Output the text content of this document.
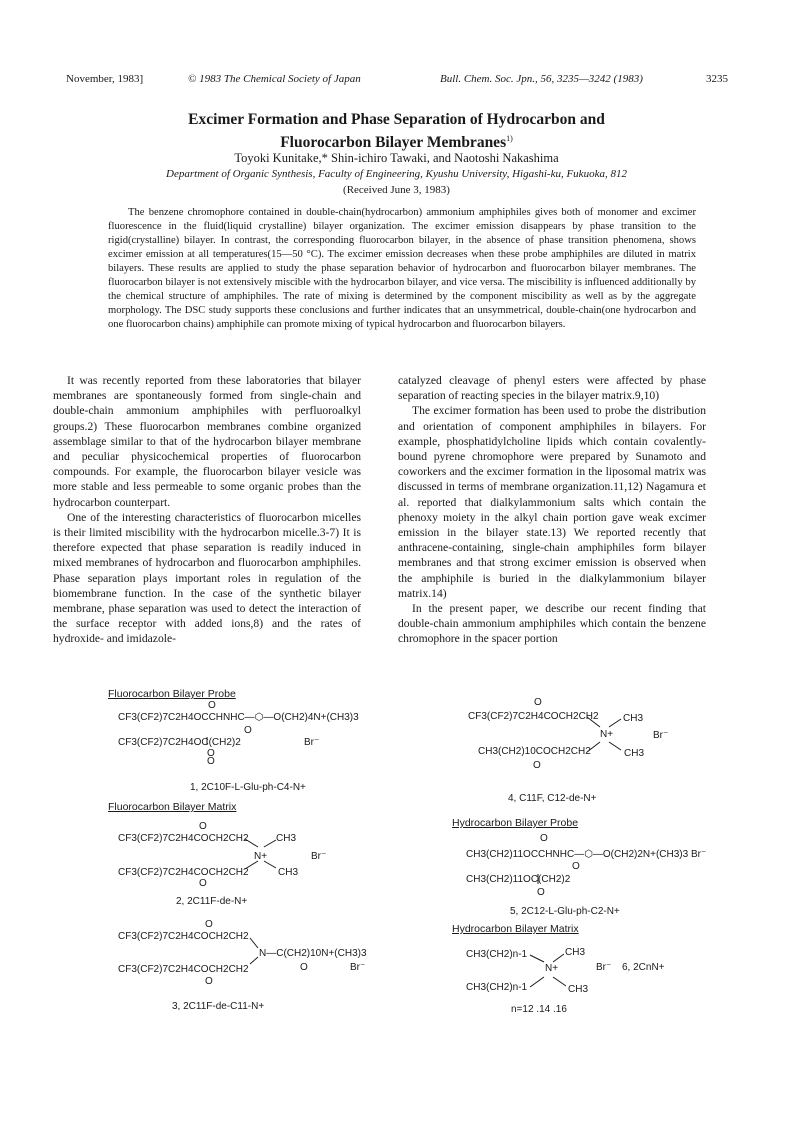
November, 1983]	© 1983 The Chemical Society of Japan	Bull. Chem. Soc. Jpn., 56, 3235—3242 (1983)	3235
Excimer Formation and Phase Separation of Hydrocarbon and
Fluorocarbon Bilayer Membranes$^{1)}$
Toyoki Kunitake,* Shin-ichiro Tawaki, and Naotoshi Nakashima
Department of Organic Synthesis, Faculty of Engineering, Kyushu University, Higashi-ku, Fukuoka, 812
(Received June 3, 1983)
The benzene chromophore contained in double-chain(hydrocarbon) ammonium amphiphiles gives both of monomer and excimer fluorescence in the fluid(liquid crystalline) bilayer organization. The excimer emission disappears by phase transition to the rigid(crystalline) bilayer. In contrast, the corresponding fluorocarbon bilayer, in the absence of phase transition phenomena, shows excimer emission at all temperatures(15—50 °C). The excimer emission decreases when these probe amphiphiles are diluted in matrix bilayers. These results are applied to study the phase separation behavior of hydrocarbon and fluorocarbon bilayer membranes. The fluorocarbon bilayer is not extensively miscible with the hydrocarbon bilayer, and vice versa. The miscibility is influenced additionally by the chemical structure of amphiphiles. The rate of mixing is determined by the component miscibility as well as by the aggregate morphology. The DSC study supports these conclusions and further indicates that an unsymmetrical, double-chain(one hydrocarbon and one fluorocarbon chains) amphiphile can promote mixing of typical hydrocarbon and fluorocarbon bilayers.

It was recently reported from these laboratories that bilayer membranes are spontaneously formed from single-chain and double-chain ammonium amphiphiles with perfluoroalkyl groups.2) These fluorocarbon membranes combine organized assemblage similar to that of the hydrocarbon bilayer membrane and peculiar physicochemical properties of fluorocarbon compounds. For example, the fluorocarbon bilayer vesicle was more stable and less permeable to some organic probes than the hydrocarbon counterpart.

One of the interesting characteristics of fluorocarbon micelles is their limited miscibility with the hydrocarbon micelle.3-7) It is therefore expected that phase separation is readily induced in mixed membranes of hydrocarbon and fluorocarbon amphiphiles. Phase separation plays important roles in regulation of the biomembrane function. In the case of the synthetic bilayer membrane, phase separation was used to detect the interaction of the surface receptor with added ions,8) and the rates of hydroxide- and imidazole-

catalyzed cleavage of phenyl esters were affected by phase separation of reacting species in the bilayer matrix.9,10)

The excimer formation has been used to probe the distribution and orientation of component amphiphiles in bilayers. For example, phosphatidylcholine lipids which contain covalently-bound pyrene chromophore were prepared by Sunamoto and coworkers and the excimer formation in the liposomal matrix was discussed in terms of membrane organization.11,12) Nagamura et al. reported that dialkylammonium salts which contain the phenoxy moiety in the alkyl chain portion gave weak excimer emission in the bilayer state.13) We reported recently that anthracene-containing, single-chain amphiphiles form bilayer membranes and that strong excimer emission is observed when the amphiphile is buried in the dialkylammonium bilayer matrix.14)

In the present paper, we describe our recent finding that double-chain ammonium amphiphiles which contain the benzene chromophore in the spacer portion

Fluorocarbon Bilayer Probe
O
CF3(CF2)7C2H4OCCHNHC—⬡—O(CH2)4N+(CH3)3
O
CF3(CF2)7C2H4OC(CH2)2
O
O
Br⁻
1, 2C10F-L-Glu-ph-C4-N+
Fluorocarbon Bilayer Matrix
O
CF3(CF2)7C2H4COCH2CH2	CH3
N+	Br⁻
CF3(CF2)7C2H4COCH2CH2	CH3
O
2, 2C11F-de-N+
O
CF3(CF2)7C2H4COCH2CH2
N—C(CH2)10N+(CH3)3
CF3(CF2)7C2H4COCH2CH2	O	Br⁻
O
3, 2C11F-de-C11-N+
O
CF3(CF2)7C2H4COCH2CH2 CH3
N+	Br⁻
CH3(CH2)10COCH2CH2	CH3
O
4, C11F, C12-de-N+
Hydrocarbon Bilayer Probe
O
CH3(CH2)11OCCHNHC—⬡—O(CH2)2N+(CH3)3 Br⁻
O
CH3(CH2)11OC(CH2)2
O
5, 2C12-L-Glu-ph-C2-N+
Hydrocarbon Bilayer Matrix
CH3(CH2)n-1	CH3
N+	Br⁻ 6, 2CnN+
CH3(CH2)n-1	CH3
n=12 .14 .16
